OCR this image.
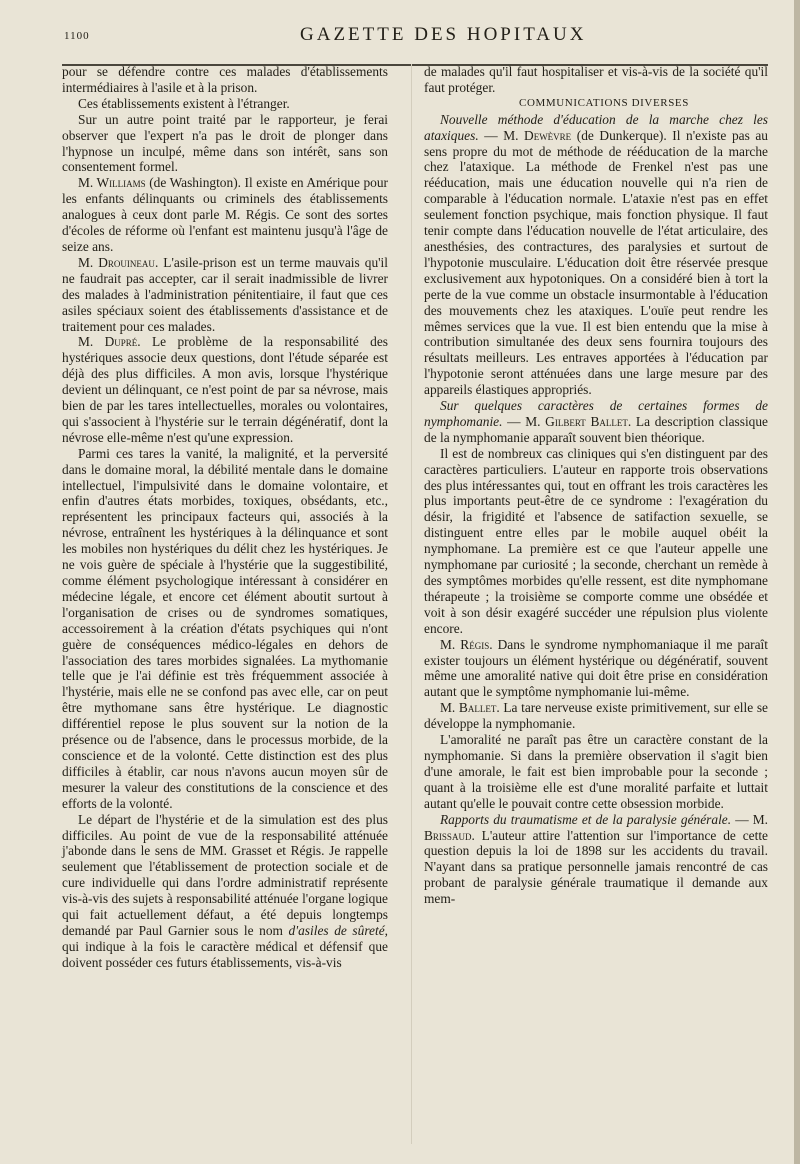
1100	GAZETTE DES HOPITAUX

pour se défendre contre ces malades d'établissements intermédiaires à l'asile et à la prison.

Ces établissements existent à l'étranger.

Sur un autre point traité par le rapporteur, je ferai observer que l'expert n'a pas le droit de plonger dans l'hypnose un inculpé, même dans son intérêt, sans son consentement formel.

M. Williams (de Washington). Il existe en Amérique pour les enfants délinquants ou criminels des établissements analogues à ceux dont parle M. Régis. Ce sont des sortes d'écoles de réforme où l'enfant est maintenu jusqu'à l'âge de seize ans.

M. Drouineau. L'asile-prison est un terme mauvais qu'il ne faudrait pas accepter, car il serait inadmissible de livrer des malades à l'administration pénitentiaire, il faut que ces asiles spéciaux soient des établissements d'assistance et de traitement pour ces malades.

M. Dupré. Le problème de la responsabilité des hystériques associe deux questions, dont l'étude séparée est déjà des plus difficiles. A mon avis, lorsque l'hystérique devient un délinquant, ce n'est point de par sa névrose, mais bien de par les tares intellectuelles, morales ou volontaires, qui s'associent à l'hystérie sur le terrain dégénératif, dont la névrose elle-même n'est qu'une expression.

Parmi ces tares la vanité, la malignité, et la perversité dans le domaine moral, la débilité mentale dans le domaine intellectuel, l'impulsivité dans le domaine volontaire, et enfin d'autres états morbides, toxiques, obsédants, etc., représentent les principaux facteurs qui, associés à la névrose, entraînent les hystériques à la délinquance et sont les mobiles non hystériques du délit chez les hystériques. Je ne vois guère de spéciale à l'hystérie que la suggestibilité, comme élément psychologique intéressant à considérer en médecine légale, et encore cet élément aboutit surtout à l'organisation de crises ou de syndromes somatiques, accessoirement à la création d'états psychiques qui n'ont guère de conséquences médico-légales en dehors de l'association des tares morbides signalées. La mythomanie telle que je l'ai définie est très fréquemment associée à l'hystérie, mais elle ne se confond pas avec elle, car on peut être mythomane sans être hystérique. Le diagnostic différentiel repose le plus souvent sur la notion de la présence ou de l'absence, dans le processus morbide, de la conscience et de la volonté. Cette distinction est des plus difficiles à établir, car nous n'avons aucun moyen sûr de mesurer la valeur des constitutions de la conscience et des efforts de la volonté.

Le départ de l'hystérie et de la simulation est des plus difficiles. Au point de vue de la responsabilité atténuée j'abonde dans le sens de MM. Grasset et Régis. Je rappelle seulement que l'établissement de protection sociale et de cure individuelle qui dans l'ordre administratif représente vis-à-vis des sujets à responsabilité atténuée l'organe logique qui fait actuellement défaut, a été depuis longtemps demandé par Paul Garnier sous le nom d'asiles de sûreté, qui indique à la fois le caractère médical et défensif que doivent posséder ces futurs établissements, vis-à-vis

de malades qu'il faut hospitaliser et vis-à-vis de la société qu'il faut protéger.

COMMUNICATIONS DIVERSES

Nouvelle méthode d'éducation de la marche chez les ataxiques. — M. Dewèvre (de Dunkerque). Il n'existe pas au sens propre du mot de méthode de rééducation de la marche chez l'ataxique. La méthode de Frenkel n'est pas une rééducation, mais une éducation nouvelle qui n'a rien de comparable à l'éducation normale. L'ataxie n'est pas en effet seulement fonction psychique, mais fonction physique. Il faut tenir compte dans l'éducation nouvelle de l'état articulaire, des anesthésies, des contractures, des paralysies et surtout de l'hypotonie musculaire. L'éducation doit être réservée presque exclusivement aux hypotoniques. On a considéré bien à tort la perte de la vue comme un obstacle insurmontable à l'éducation des mouvements chez les ataxiques. L'ouïe peut rendre les mêmes services que la vue. Il est bien entendu que la mise à contribution simultanée des deux sens fournira toujours des résultats meilleurs. Les entraves apportées à l'éducation par l'hypotonie seront atténuées dans une large mesure par des appareils élastiques appropriés.

Sur quelques caractères de certaines formes de nymphomanie. — M. Gilbert Ballet. La description classique de la nymphomanie apparaît souvent bien théorique.

Il est de nombreux cas cliniques qui s'en distinguent par des caractères particuliers. L'auteur en rapporte trois observations des plus intéressantes qui, tout en offrant les trois caractères les plus importants peut-être de ce syndrome : l'exagération du désir, la frigidité et l'absence de satifaction sexuelle, se distinguent entre elles par le mobile auquel obéit la nymphomane. La première est ce que l'auteur appelle une nymphomane par curiosité ; la seconde, cherchant un remède à des symptômes morbides qu'elle ressent, est dite nymphomane thérapeute ; la troisième se comporte comme une obsédée et voit à son désir exagéré succéder une répulsion plus violente encore.

M. Régis. Dans le syndrome nymphomaniaque il me paraît exister toujours un élément hystérique ou dégénératif, souvent même une amoralité native qui doit être prise en considération autant que le symptôme nymphomanie lui-même.

M. Ballet. La tare nerveuse existe primitivement, sur elle se développe la nymphomanie.

L'amoralité ne paraît pas être un caractère constant de la nymphomanie. Si dans la première observation il s'agit bien d'une amorale, le fait est bien improbable pour la seconde ; quant à la troisième elle est d'une moralité parfaite et luttait autant qu'elle le pouvait contre cette obsession morbide.

Rapports du traumatisme et de la paralysie générale. — M. Brissaud. L'auteur attire l'attention sur l'importance de cette question depuis la loi de 1898 sur les accidents du travail. N'ayant dans sa pratique personnelle jamais rencontré de cas probant de paralysie générale traumatique il demande aux mem-
